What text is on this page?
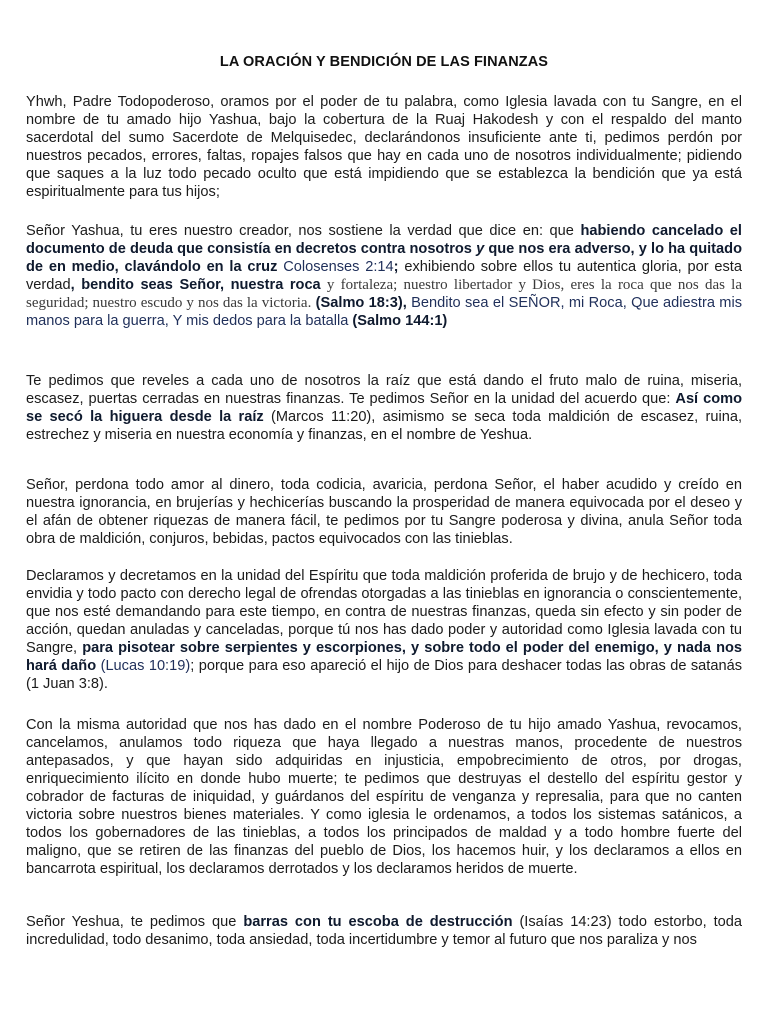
LA ORACIÓN Y BENDICIÓN DE LAS FINANZAS

Yhwh, Padre Todopoderoso, oramos por el poder de tu palabra, como Iglesia lavada con tu Sangre, en el nombre de tu amado hijo Yashua, bajo la cobertura de la Ruaj Hakodesh y con el respaldo del manto sacerdotal del sumo Sacerdote de Melquisedec, declarándonos insuficiente ante ti, pedimos perdón por nuestros pecados, errores, faltas, ropajes falsos que hay en cada uno de nosotros individualmente; pidiendo que saques a la luz todo pecado oculto que está impidiendo que se establezca la bendición que ya está espiritualmente para tus hijos;

Señor Yashua, tu eres nuestro creador, nos sostiene la verdad que dice en: que habiendo cancelado el documento de deuda que consistía en decretos contra nosotros y que nos era adverso, y lo ha quitado de en medio, clavándolo en la cruz Colosenses 2:14; exhibiendo sobre ellos tu autentica gloria, por esta verdad, bendito seas Señor, nuestra roca y fortaleza; nuestro libertador y Dios, eres la roca que nos das la seguridad; nuestro escudo y nos das la victoria. (Salmo 18:3), Bendito sea el SEÑOR, mi Roca, Que adiestra mis manos para la guerra, Y mis dedos para la batalla (Salmo 144:1)

Te pedimos que reveles a cada uno de nosotros la raíz que está dando el fruto malo de ruina, miseria, escasez, puertas cerradas en nuestras finanzas. Te pedimos Señor en la unidad del acuerdo que: Así como se secó la higuera desde la raíz (Marcos 11:20), asimismo se seca toda maldición de escasez, ruina, estrechez y miseria en nuestra economía y finanzas, en el nombre de Yeshua.

Señor, perdona todo amor al dinero, toda codicia, avaricia, perdona Señor, el haber acudido y creído en nuestra ignorancia, en brujerías y hechicerías buscando la prosperidad de manera equivocada por el deseo y el afán de obtener riquezas de manera fácil, te pedimos por tu Sangre poderosa y divina, anula Señor toda obra de maldición, conjuros, bebidas, pactos equivocados con las tinieblas.

Declaramos y decretamos en la unidad del Espíritu que toda maldición proferida de brujo y de hechicero, toda envidia y todo pacto con derecho legal de ofrendas otorgadas a las tinieblas en ignorancia o conscientemente, que nos esté demandando para este tiempo, en contra de nuestras finanzas, queda sin efecto y sin poder de acción, quedan anuladas y canceladas, porque tú nos has dado poder y autoridad como Iglesia lavada con tu Sangre, para pisotear sobre serpientes y escorpiones, y sobre todo el poder del enemigo, y nada nos hará daño (Lucas 10:19); porque para eso apareció el hijo de Dios para deshacer todas las obras de satanás (1 Juan 3:8).

Con la misma autoridad que nos has dado en el nombre Poderoso de tu hijo amado Yashua, revocamos, cancelamos, anulamos todo riqueza que haya llegado a nuestras manos, procedente de nuestros antepasados, y que hayan sido adquiridas en injusticia, empobrecimiento de otros, por drogas, enriquecimiento ilícito en donde hubo muerte; te pedimos que destruyas el destello del espíritu gestor y cobrador de facturas de iniquidad, y guárdanos del espíritu de venganza y represalia, para que no canten victoria sobre nuestros bienes materiales. Y como iglesia le ordenamos, a todos los sistemas satánicos, a todos los gobernadores de las tinieblas, a todos los principados de maldad y a todo hombre fuerte del maligno, que se retiren de las finanzas del pueblo de Dios, los hacemos huir, y los declaramos a ellos en bancarrota espiritual, los declaramos derrotados y los declaramos heridos de muerte.

Señor Yeshua, te pedimos que barras con tu escoba de destrucción (Isaías 14:23) todo estorbo, toda incredulidad, todo desanimo, toda ansiedad, toda incertidumbre y temor al futuro que nos paraliza y nos
